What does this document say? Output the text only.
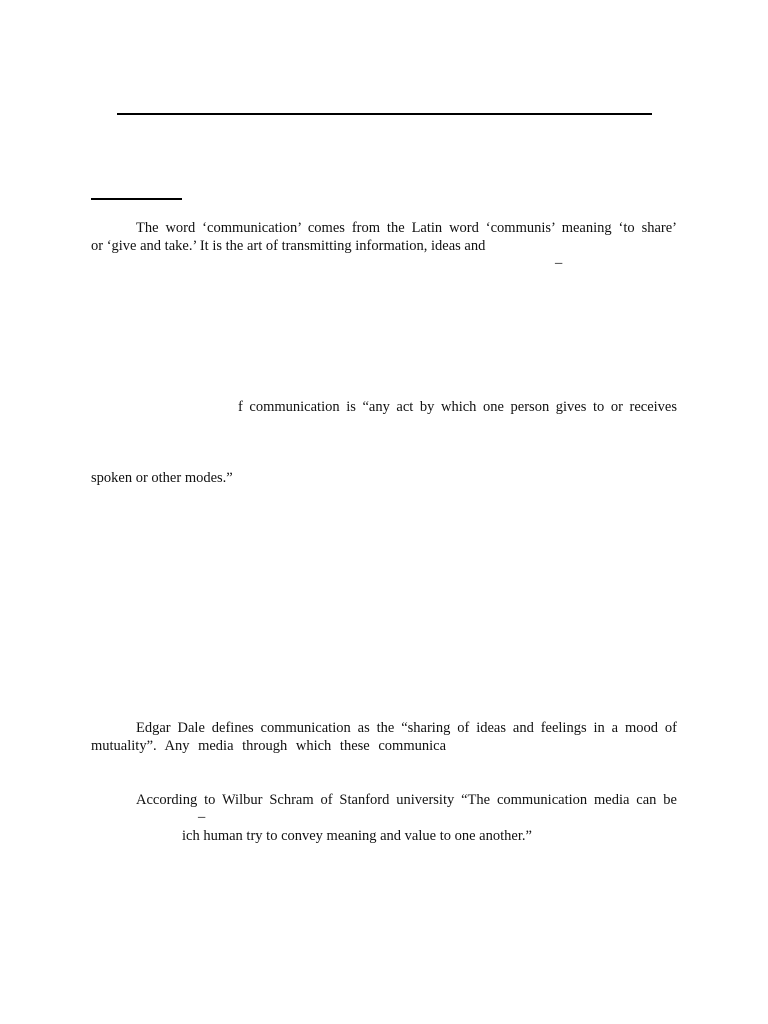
The word ‘communication’ comes from the Latin word ‘communis’ meaning ‘to share’
or ‘give and take.’ It is the art of transmitting information, ideas and
–
f communication is “any act by which one person gives to or receives
spoken or other modes.”
Edgar Dale defines communication as the “sharing of ideas and feelings in a mood of
mutuality”. Any media through which these communica
According to Wilbur Schram of Stanford university “The communication media can be
–
ich human try to convey meaning and value to one another.”
